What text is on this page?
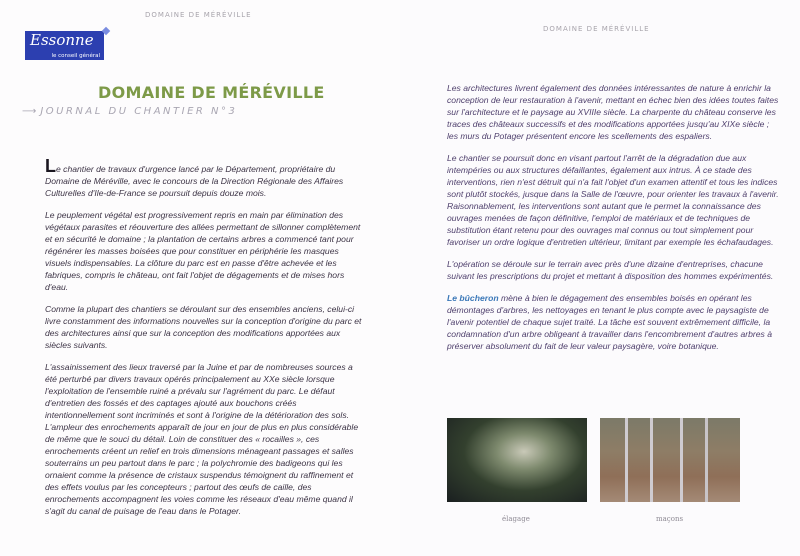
DOMAINE DE MÉRÉVILLE
Essonne
le conseil général
DOMAINE DE MÉRÉVILLE
⟶ JOURNAL DU CHANTIER N°3

Le chantier de travaux d'urgence lancé par le Département, propriétaire du Domaine de Méréville, avec le concours de la Direction Régionale des Affaires Culturelles d'Ile-de-France se poursuit depuis douze mois.

Le peuplement végétal est progressivement repris en main par élimination des végétaux parasites et réouverture des allées permettant de sillonner complètement et en sécurité le domaine ; la plantation de certains arbres a commencé tant pour régénérer les masses boisées que pour constituer en périphérie les masques visuels indispensables. La clôture du parc est en passe d'être achevée et les fabriques, compris le château, ont fait l'objet de dégagements et de mises hors d'eau.

Comme la plupart des chantiers se déroulant sur des ensembles anciens, celui-ci livre constamment des informations nouvelles sur la conception d'origine du parc et des architectures ainsi que sur la conception des modifications apportées aux siècles suivants.

L'assainissement des lieux traversé par la Juine et par de nombreuses sources a été perturbé par divers travaux opérés principalement au XXe siècle lorsque l'exploitation de l'ensemble ruiné a prévalu sur l'agrément du parc. Le défaut d'entretien des fossés et des captages ajouté aux bouchons créés intentionnellement sont incriminés et sont à l'origine de la détérioration des sols. L'ampleur des enrochements apparaît de jour en jour de plus en plus considérable de même que le souci du détail. Loin de constituer des « rocailles », ces enrochements créent un relief en trois dimensions ménageant passages et salles souterrains un peu partout dans le parc ; la polychromie des badigeons qui les ornaient comme la présence de cristaux suspendus témoignent du raffinement et des effets voulus par les concepteurs ; partout des œufs de caille, des enrochements accompagnent les voies comme les réseaux d'eau même quand il s'agit du canal de puisage de l'eau dans le Potager.

DOMAINE DE MÉRÉVILLE

Les architectures livrent également des données intéressantes de nature à enrichir la conception de leur restauration à l'avenir, mettant en échec bien des idées toutes faites sur l'architecture et le paysage au XVIIIe siècle. La charpente du château conserve les traces des châteaux successifs et des modifications apportées jusqu'au XIXe siècle ; les murs du Potager présentent encore les scellements des espaliers.

Le chantier se poursuit donc en visant partout l'arrêt de la dégradation due aux intempéries ou aux structures défaillantes, également aux intrus. À ce stade des interventions, rien n'est détruit qui n'a fait l'objet d'un examen attentif et tous les indices sont plutôt stockés, jusque dans la Salle de l'œuvre, pour orienter les travaux à l'avenir. Raisonnablement, les interventions sont autant que le permet la connaissance des ouvrages menées de façon définitive, l'emploi de matériaux et de techniques de substitution étant retenu pour des ouvrages mal connus ou tout simplement pour favoriser un ordre logique d'entretien ultérieur, limitant par exemple les échafaudages.

L'opération se déroule sur le terrain avec près d'une dizaine d'entreprises, chacune suivant les prescriptions du projet et mettant à disposition des hommes expérimentés.

Le bûcheron mène à bien le dégagement des ensembles boisés en opérant les démontages d'arbres, les nettoyages en tenant le plus compte avec le paysagiste de l'avenir potentiel de chaque sujet traité. La tâche est souvent extrêmement difficile, la condamnation d'un arbre obligeant à travailler dans l'encombrement d'autres arbres à préserver absolument du fait de leur valeur paysagère, voire botanique.

élagage	maçons
